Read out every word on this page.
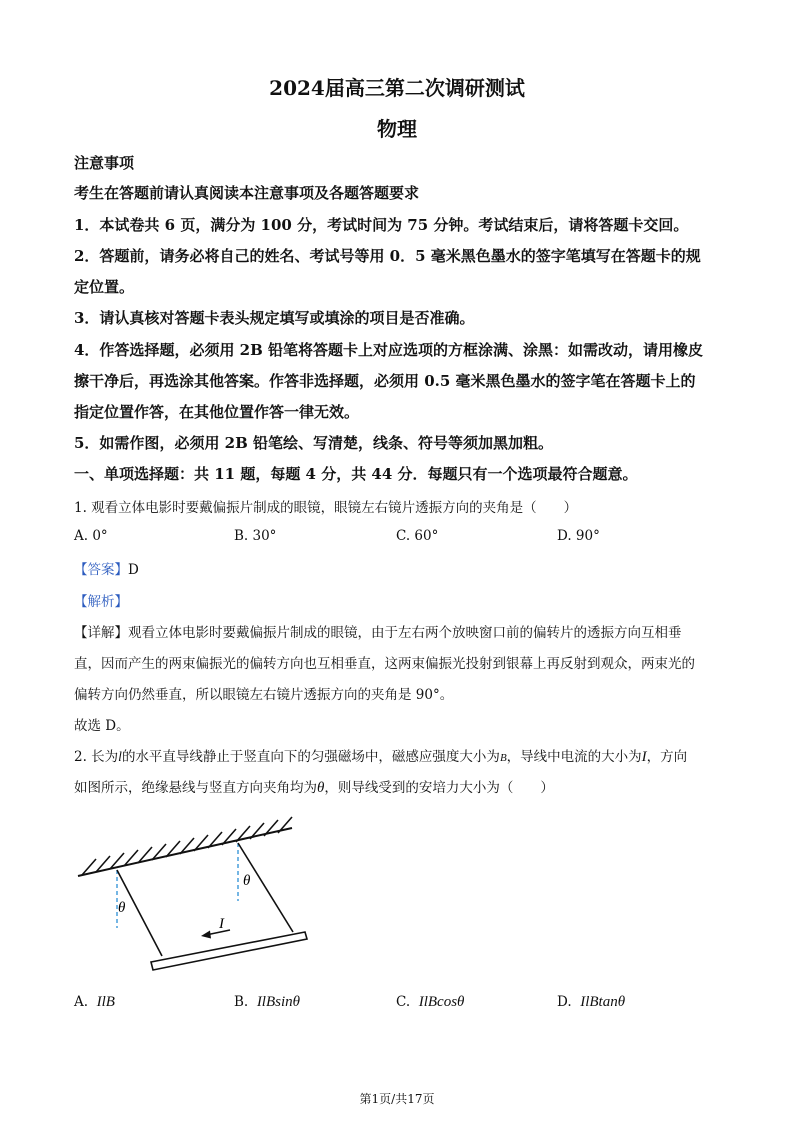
2024届高三第二次调研测试
物理
注意事项
考生在答题前请认真阅读本注意事项及各题答题要求
1．本试卷共 6 页，满分为 100 分，考试时间为 75 分钟。考试结束后，请将答题卡交回。
2．答题前，请务必将自己的姓名、考试号等用 0．5 毫米黑色墨水的签字笔填写在答题卡的规
定位置。
3．请认真核对答题卡表头规定填写或填涂的项目是否准确。
4．作答选择题，必须用 2B 铅笔将答题卡上对应选项的方框涂满、涂黑：如需改动，请用橡皮
擦干净后，再选涂其他答案。作答非选择题，必须用 0.5 毫米黑色墨水的签字笔在答题卡上的
指定位置作答，在其他位置作答一律无效。
5．如需作图，必须用 2B 铅笔绘、写清楚，线条、符号等须加黑加粗。
一、单项选择题：共 11 题，每题 4 分，共 44 分．每题只有一个选项最符合题意。
1. 观看立体电影时要戴偏振片制成的眼镜，眼镜左右镜片透振方向的夹角是（　　）
A. 0°	B. 30°	C. 60°	D. 90°
【答案】D
【解析】
【详解】观看立体电影时要戴偏振片制成的眼镜，由于左右两个放映窗口前的偏转片的透振方向互相垂
直，因而产生的两束偏振光的偏转方向也互相垂直，这两束偏振光投射到银幕上再反射到观众，两束光的
偏转方向仍然垂直，所以眼镜左右镜片透振方向的夹角是 90°。
故选 D。
2. 长为l的水平直导线静止于竖直向下的匀强磁场中，磁感应强度大小为B，导线中电流的大小为I，方向
如图所示，绝缘悬线与竖直方向夹角均为θ，则导线受到的安培力大小为（　　）
I
θ
θ
A. IlB	B. IlBsinθ	C. IlBcosθ	D. IlBtanθ
第1页/共17页
